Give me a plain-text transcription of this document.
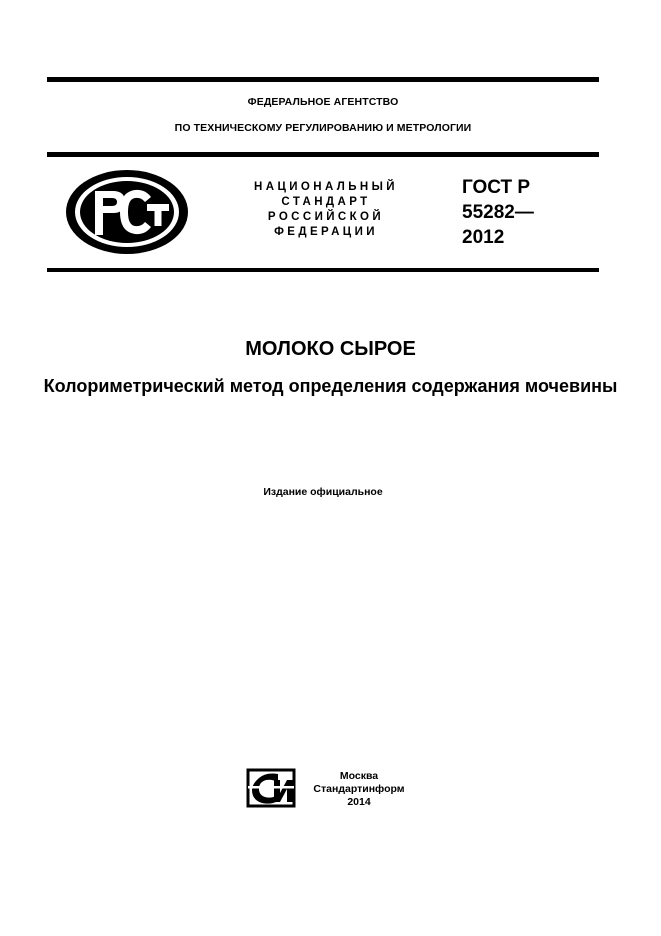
ФЕДЕРАЛЬНОЕ АГЕНТСТВО
ПО ТЕХНИЧЕСКОМУ РЕГУЛИРОВАНИЮ И МЕТРОЛОГИИ
НАЦИОНАЛЬНЫЙ
СТАНДАРТ
РОССИЙСКОЙ
ФЕДЕРАЦИИ
ГОСТ Р
55282—
2012
МОЛОКО СЫРОЕ
Колориметрический метод определения содержания мочевины
Издание официальное
Москва
Стандартинформ
2014
